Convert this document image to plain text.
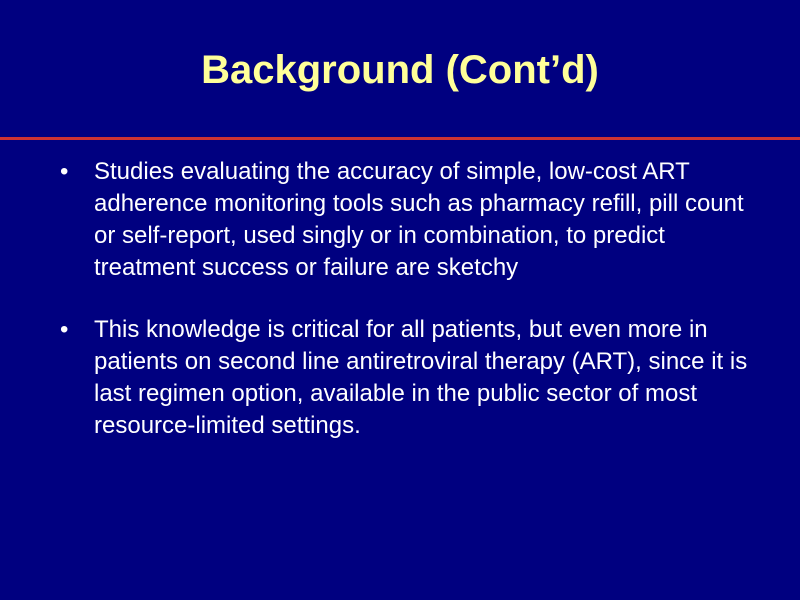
Background (Cont’d)
•	Studies evaluating the accuracy of simple, low-cost ART adherence monitoring tools such as pharmacy refill, pill count or self-report, used singly or in combination, to predict treatment success or failure are sketchy
•	This knowledge is critical for all patients, but even more in patients on second line antiretroviral therapy (ART), since it is last regimen option, available in the public sector of most resource-limited settings.
